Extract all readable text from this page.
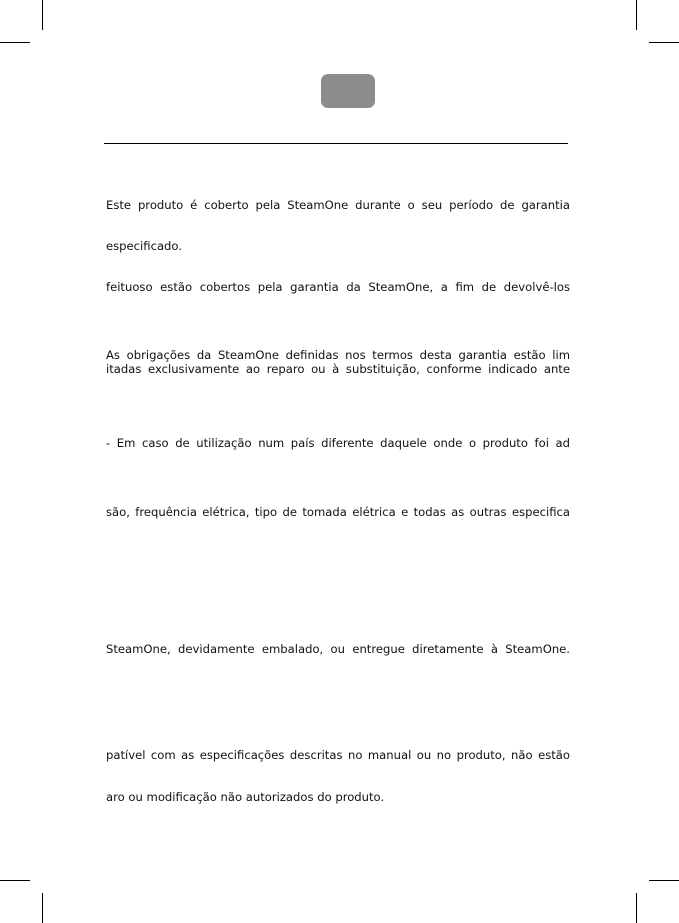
Este produto é coberto pela SteamOne durante o seu período de garantia
especificado.
feituoso estão cobertos pela garantia da SteamOne, a fim de devolvê-los
As obrigações da SteamOne definidas nos termos desta garantia estão lim
itadas exclusivamente ao reparo ou à substituição, conforme indicado ante
- Em caso de utilização num país diferente daquele onde o produto foi ad
são, frequência elétrica, tipo de tomada elétrica e todas as outras especifica
SteamOne, devidamente embalado, ou entregue diretamente à SteamOne.
patível com as especificações descritas no manual ou no produto, não estão
aro ou modificação não autorizados do produto.
